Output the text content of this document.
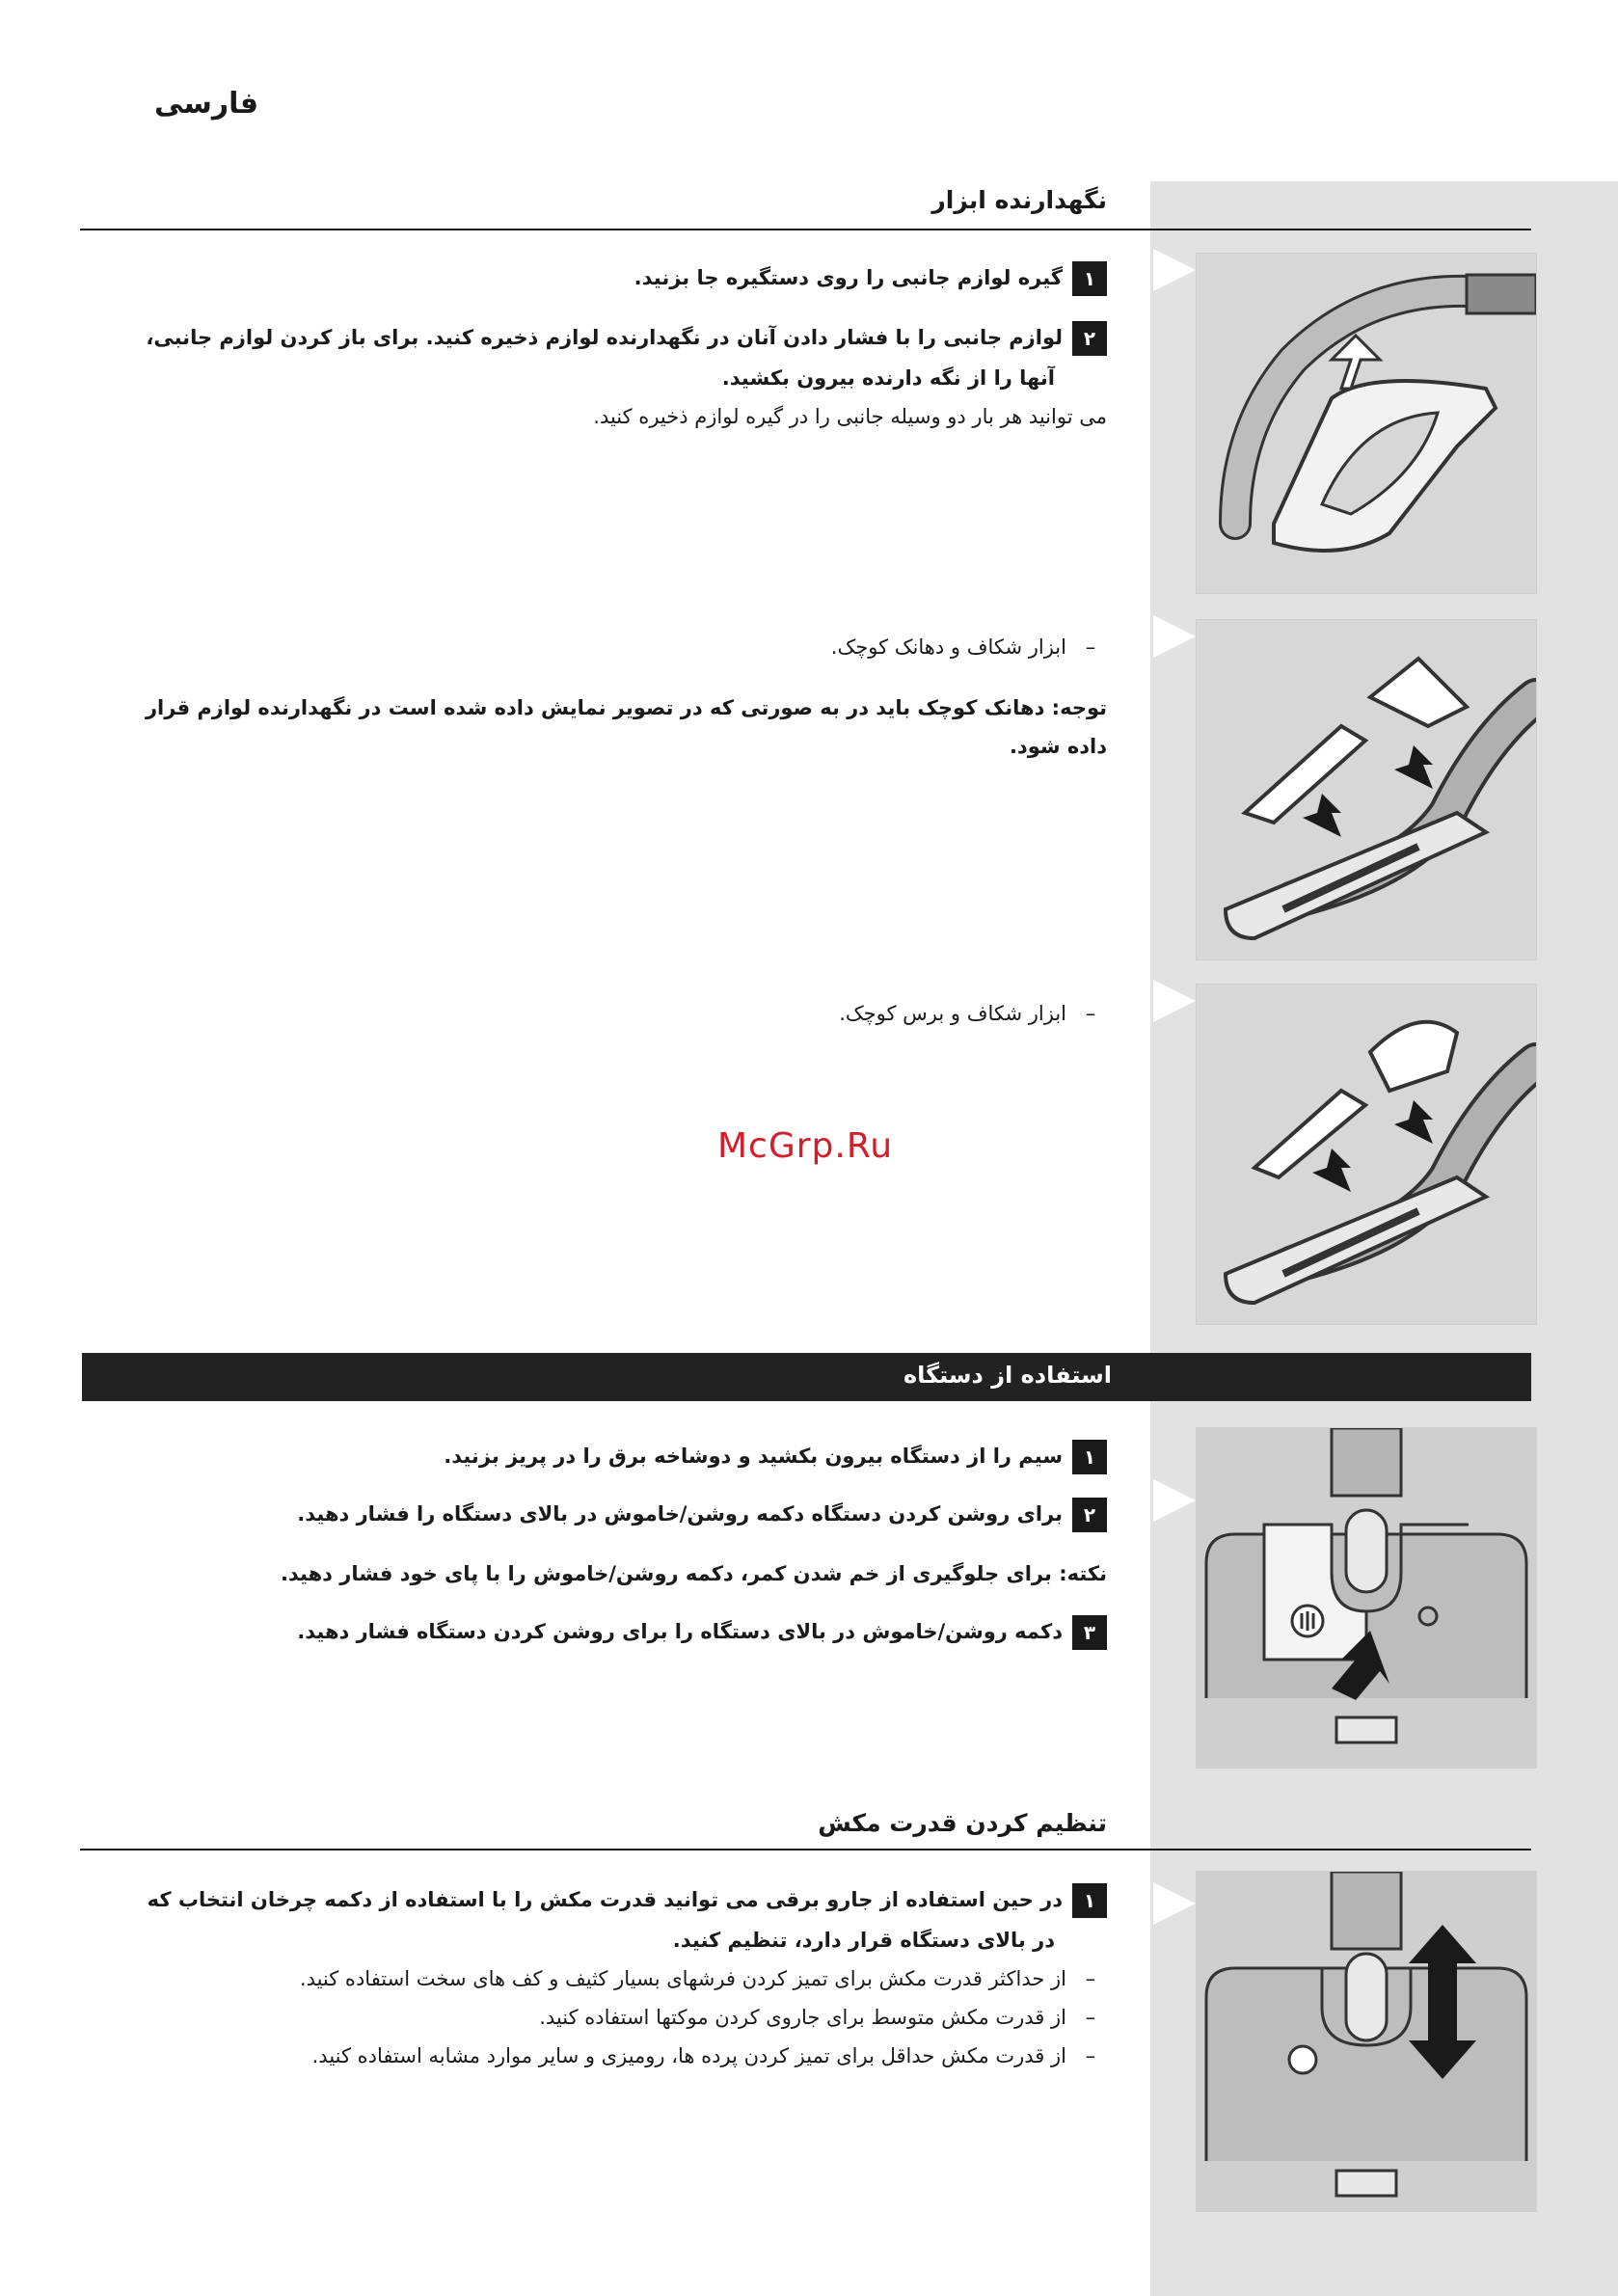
فارسی
نگهدارنده ابزار
۱گیره لوازم جانبی را روی دستگیره جا بزنید.
۲لوازم جانبی را با فشار دادن آنان در نگهدارنده لوازم ذخیره کنید. برای باز کردن لوازم جانبی،
آنها را از نگه دارنده بیرون بکشید.
می توانید هر بار دو وسیله جانبی را در گیره لوازم ذخیره کنید.
–ابزار شکاف و دهانک کوچک.
توجه: دهانک کوچک باید در به صورتی که در تصویر نمایش داده شده است در نگهدارنده لوازم قرار
داده شود.
–ابزار شکاف و برس کوچک.
McGrp.Ru
استفاده از دستگاه
۱سیم را از دستگاه بیرون بکشید و دوشاخه برق را در پریز بزنید.
۲برای روشن کردن دستگاه دکمه روشن/خاموش در بالای دستگاه را فشار دهید.
نکته: برای جلوگیری از خم شدن کمر، دکمه روشن/خاموش را با پای خود فشار دهید.
۳دکمه روشن/خاموش در بالای دستگاه را برای روشن کردن دستگاه فشار دهید.
تنظیم کردن قدرت مکش
۱در حین استفاده از جارو برقی می توانید قدرت مکش را با استفاده از دکمه چرخان انتخاب که
در بالای دستگاه قرار دارد، تنظیم کنید.
–از حداکثر قدرت مکش برای تمیز کردن فرشهای بسیار کثیف و کف های سخت استفاده کنید.
–از قدرت مکش متوسط برای جاروی کردن موکتها استفاده کنید.
–از قدرت مکش حداقل برای تمیز کردن پرده ها، رومیزی و سایر موارد مشابه استفاده کنید.
